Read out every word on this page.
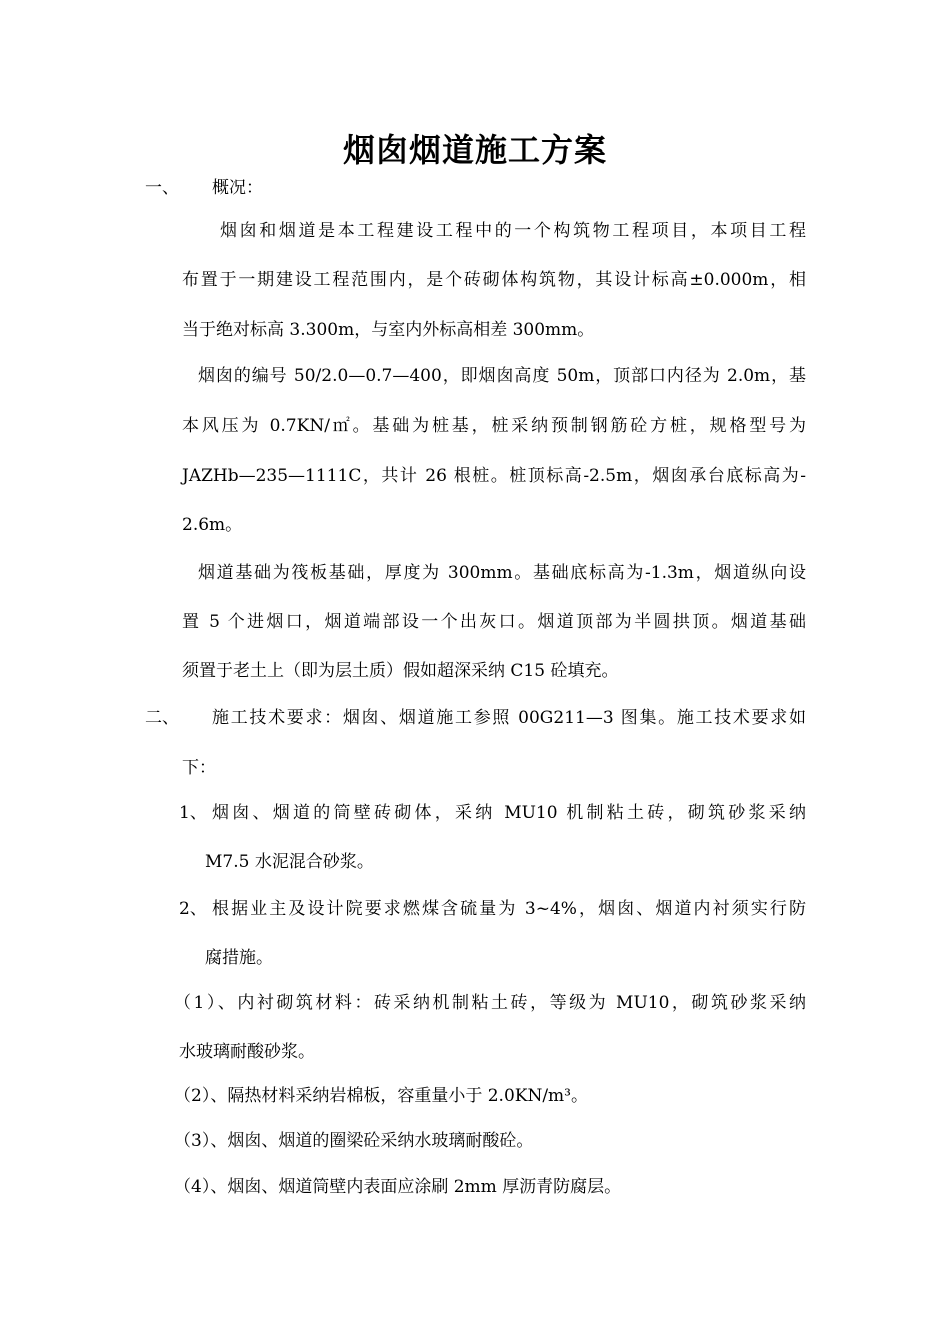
烟囱烟道施工方案
一、 概况：
烟囱和烟道是本工程建设工程中的一个构筑物工程项目，本项目工程
布置于一期建设工程范围内，是个砖砌体构筑物，其设计标高±0.000m，相
当于绝对标高 3.300m，与室内外标高相差 300mm。
烟囱的编号 50/2.0—0.7—400，即烟囱高度 50m，顶部口内径为 2.0m，基
本风压为 0.7KN/㎡。基础为桩基，桩采纳预制钢筋砼方桩，规格型号为
JAZHb—235—1111C，共计 26 根桩。桩顶标高-2.5m，烟囱承台底标高为-
2.6m。
烟道基础为筏板基础，厚度为 300mm。基础底标高为-1.3m，烟道纵向设
置 5 个进烟口，烟道端部设一个出灰口。烟道顶部为半圆拱顶。烟道基础
须置于老土上（即为层土质）假如超深采纳 C15 砼填充。
二、 施工技术要求：烟囱、烟道施工参照 00G211—3 图集。施工技术要求如
下：
1、 烟囱、烟道的筒壁砖砌体，采纳 MU10 机制粘土砖，砌筑砂浆采纳
M7.5 水泥混合砂浆。
2、 根据业主及设计院要求燃煤含硫量为 3~4%，烟囱、烟道内衬须实行防
腐措施。
（1）、内衬砌筑材料：砖采纳机制粘土砖，等级为 MU10，砌筑砂浆采纳
水玻璃耐酸砂浆。
（2）、隔热材料采纳岩棉板，容重量小于 2.0KN/m³。
（3）、烟囱、烟道的圈梁砼采纳水玻璃耐酸砼。
（4）、烟囱、烟道筒壁内表面应涂刷 2mm 厚沥青防腐层。
